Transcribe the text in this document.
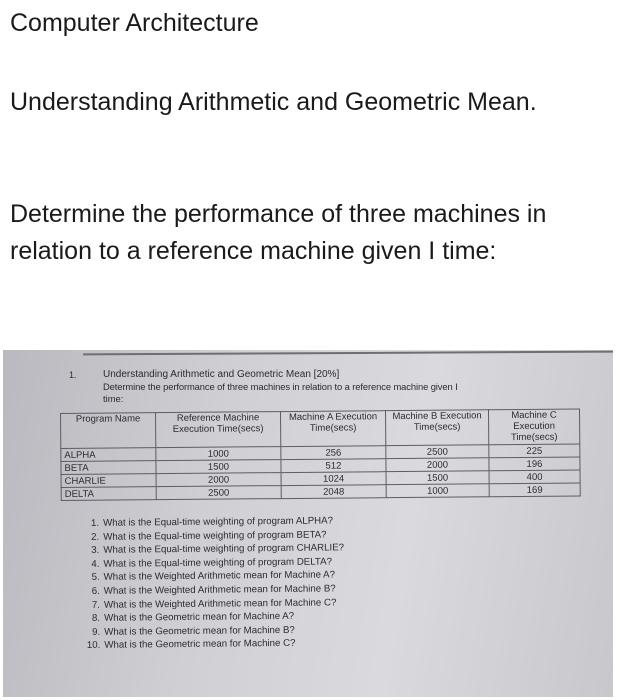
Computer Architecture
Understanding Arithmetic and Geometric Mean.

Determine the performance of three machines in relation to a reference machine given I time:

1.	Understanding Arithmetic and Geometric Mean [20%]
Determine the performance of three machines in relation to a reference machine given I
time:
Program Name	Reference Machine Execution Time(secs)	Machine A Execution Time(secs)	Machine B Execution Time(secs)	Machine C Execution Time(secs)
ALPHA	1000	256	2500	225
BETA	1500	512	2000	196
CHARLIE	2000	1024	1500	400
DELTA	2500	2048	1000	169
1. What is the Equal-time weighting of program ALPHA?
2. What is the Equal-time weighting of program BETA?
3. What is the Equal-time weighting of program CHARLIE?
4. What is the Equal-time weighting of program DELTA?
5. What is the Weighted Arithmetic mean for Machine A?
6. What is the Weighted Arithmetic mean for Machine B?
7. What is the Weighted Arithmetic mean for Machine C?
8. What is the Geometric mean for Machine A?
9. What is the Geometric mean for Machine B?
10. What is the Geometric mean for Machine C?
